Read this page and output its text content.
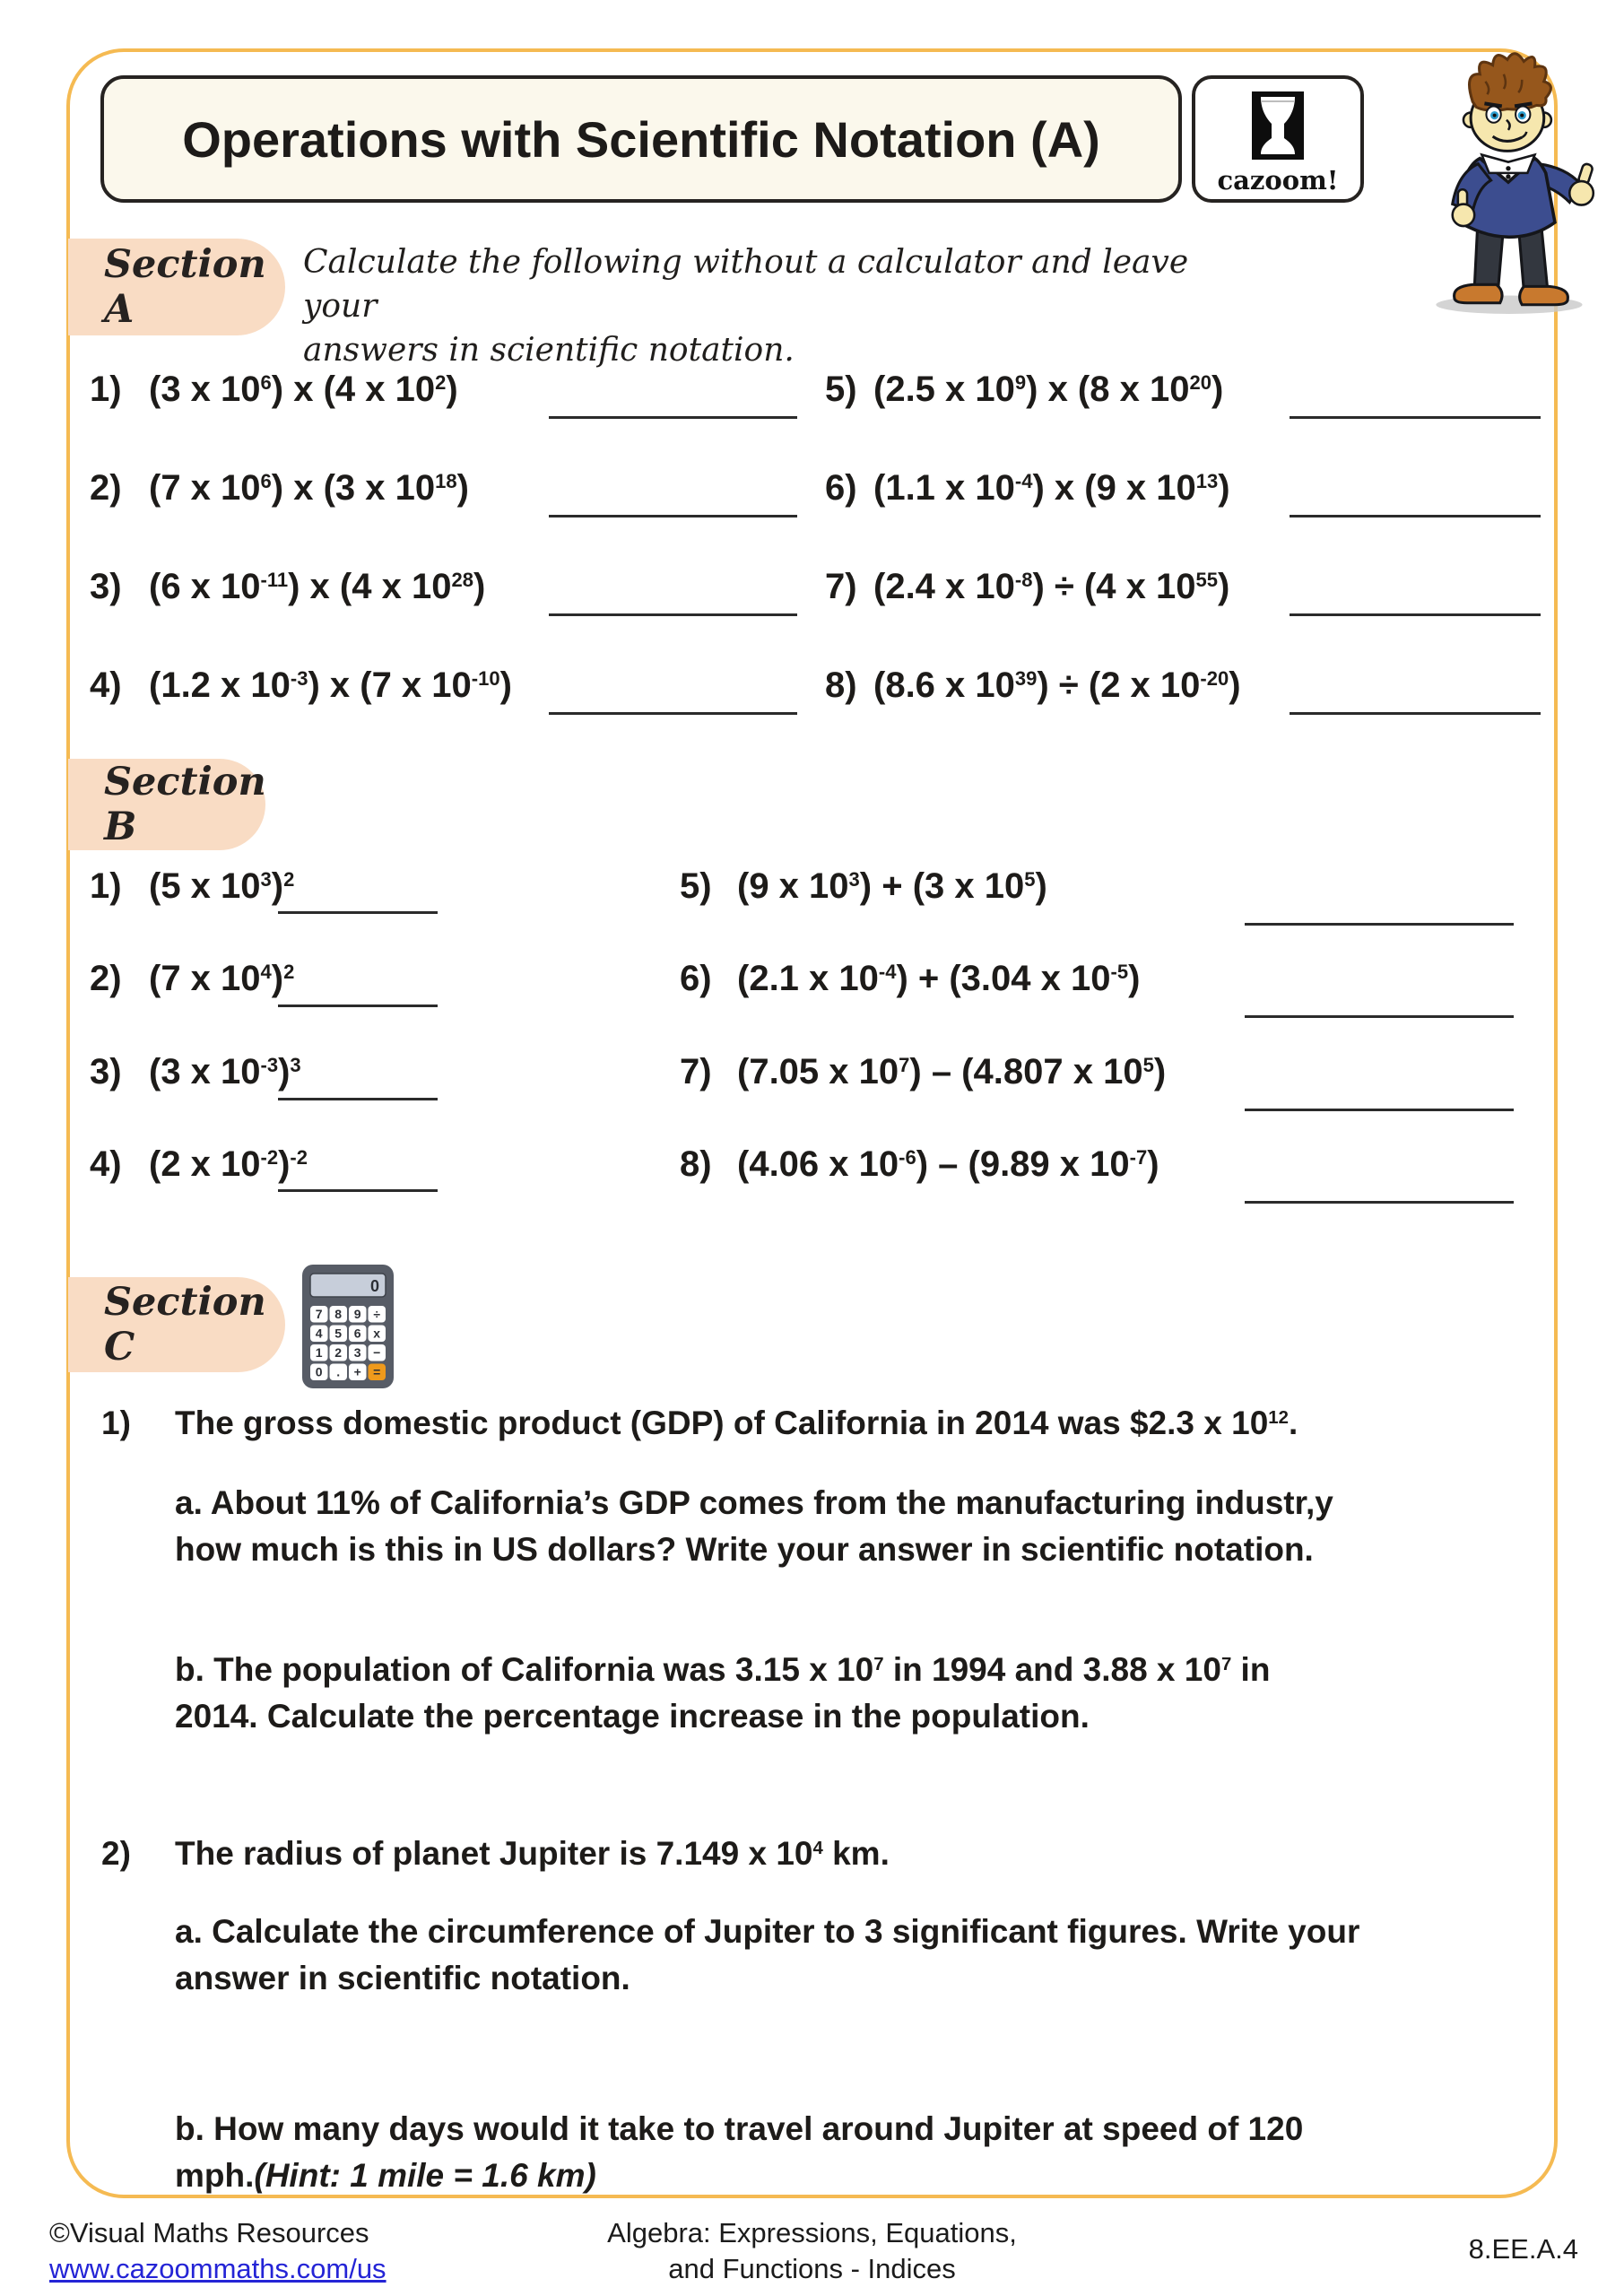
Operations with Scientific Notation (A)
cazoom!
Section A
Calculate the following without a calculator and leave your
answers in scientific notation.
1) (3 x $10^6$) x (4 x $10^2$)
2) (7 x $10^6$) x (3 x $10^{18}$)
3) (6 x $10^{-11}$) x (4 x $10^{28}$)
4) (1.2 x $10^{-3}$) x (7 x $10^{-10}$)
5) (2.5 x $10^9$) x (8 x $10^{20}$)
6) (1.1 x $10^{-4}$) x (9 x $10^{13}$)
7) (2.4 x $10^{-8}) \div (4$ x $10^{55}$)
8) (8.6 x $10^{39}) \div (2$ x $10^{-20}$)
Section B
1) (5 x $10^3)^2$
2) (7 x $10^4)^2$
3) (3 x $10^{-3})^3$
4) (2 x $10^{-2})^{-2}$
5) (9 x $10^3) + (3$ x $10^5$)
6) (2.1 x $10^{-4}) + (3.04$ x $10^{-5}$)
7) (7.05 x $10^7) - (4.807$ x $10^5$)
8) (4.06 x $10^{-6}) - (9.89$ x $10^{-7}$)
Section C
0
7 8 9 ÷
4 5 6 x
1 2 3 −
0 . + =
1)	The gross domestic product (GDP) of California in 2014 was $2.3 x $10^{12}$.
a. About 11% of California’s GDP comes from the manufacturing industr,y
how much is this in US dollars? Write your answer in scientific notation.
b. The population of California was 3.15 x $10^7$ in 1994 and 3.88 x $10^7$ in
2014. Calculate the percentage increase in the population.
2)	The radius of planet Jupiter is 7.149 x $10^4$ km.
a. Calculate the circumference of Jupiter to 3 significant figures. Write your
answer in scientific notation.
b. How many days would it take to travel around Jupiter at speed of 120
mph.(Hint: 1 mile = 1.6 km)
©Visual Maths Resources
www.cazoommaths.com/us
Algebra: Expressions, Equations,
and Functions - Indices
8.EE.A.4
